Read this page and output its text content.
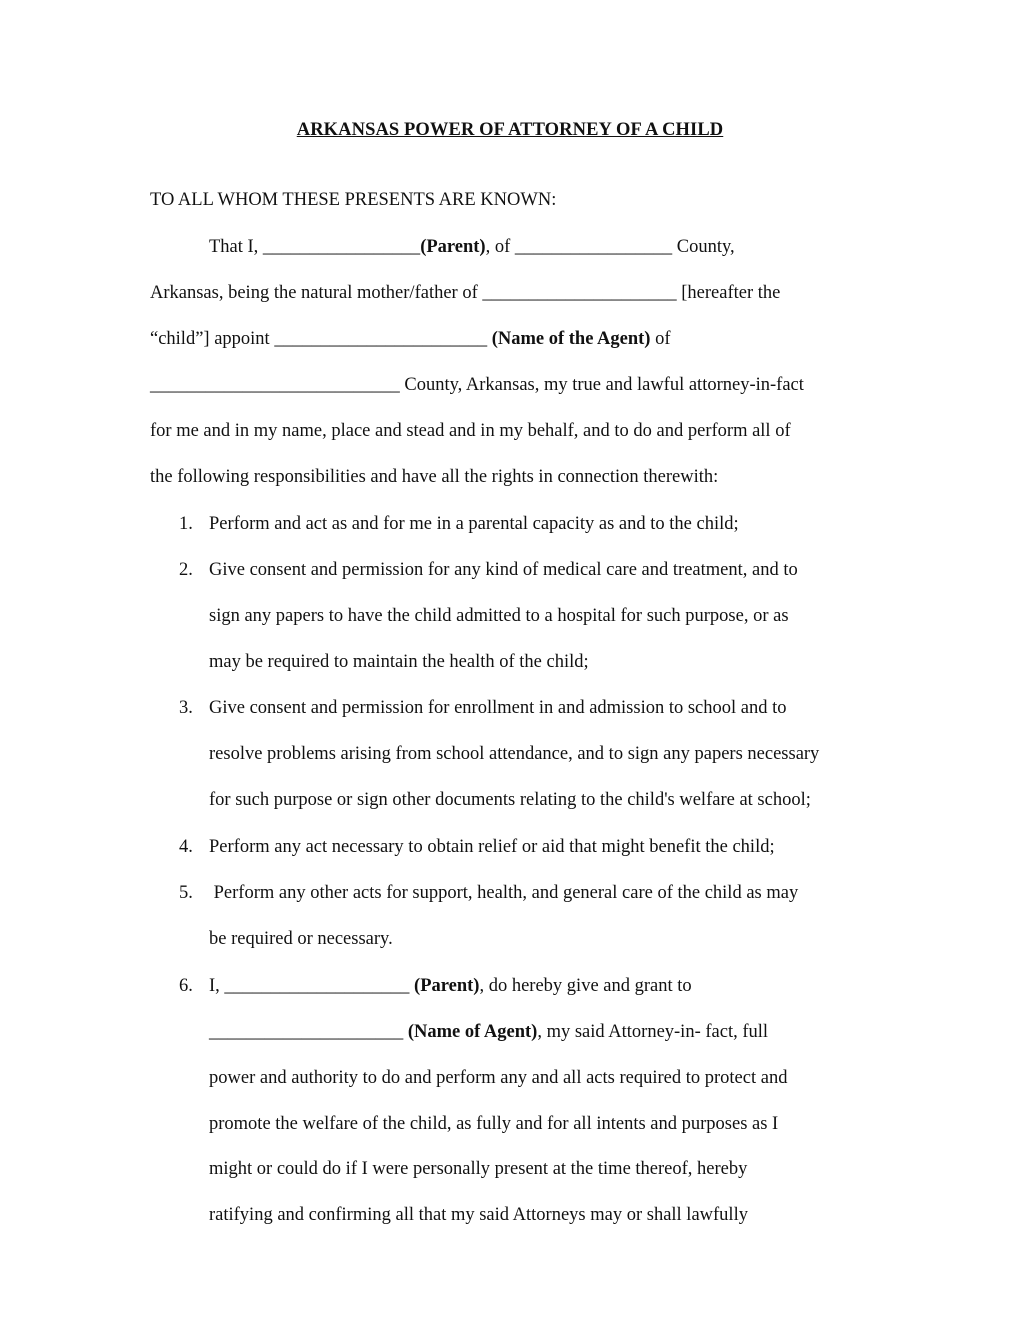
ARKANSAS POWER OF ATTORNEY OF A CHILD
TO ALL WHOM THESE PRESENTS ARE KNOWN:
That I, _________________(Parent), of _________________ County,
Arkansas, being the natural mother/father of _____________________ [hereafter the
“child”] appoint _______________________ (Name of the Agent) of
___________________________ County, Arkansas, my true and lawful attorney-in-fact
for me and in my name, place and stead and in my behalf, and to do and perform all of
the following responsibilities and have all the rights in connection therewith:
1. Perform and act as and for me in a parental capacity as and to the child;
2. Give consent and permission for any kind of medical care and treatment, and to
sign any papers to have the child admitted to a hospital for such purpose, or as
may be required to maintain the health of the child;
3. Give consent and permission for enrollment in and admission to school and to
resolve problems arising from school attendance, and to sign any papers necessary
for such purpose or sign other documents relating to the child's welfare at school;
4. Perform any act necessary to obtain relief or aid that might benefit the child;
5. Perform any other acts for support, health, and general care of the child as may
be required or necessary.
6. I, ____________________ (Parent), do hereby give and grant to
_____________________ (Name of Agent), my said Attorney-in- fact, full
power and authority to do and perform any and all acts required to protect and
promote the welfare of the child, as fully and for all intents and purposes as I
might or could do if I were personally present at the time thereof, hereby
ratifying and confirming all that my said Attorneys may or shall lawfully
